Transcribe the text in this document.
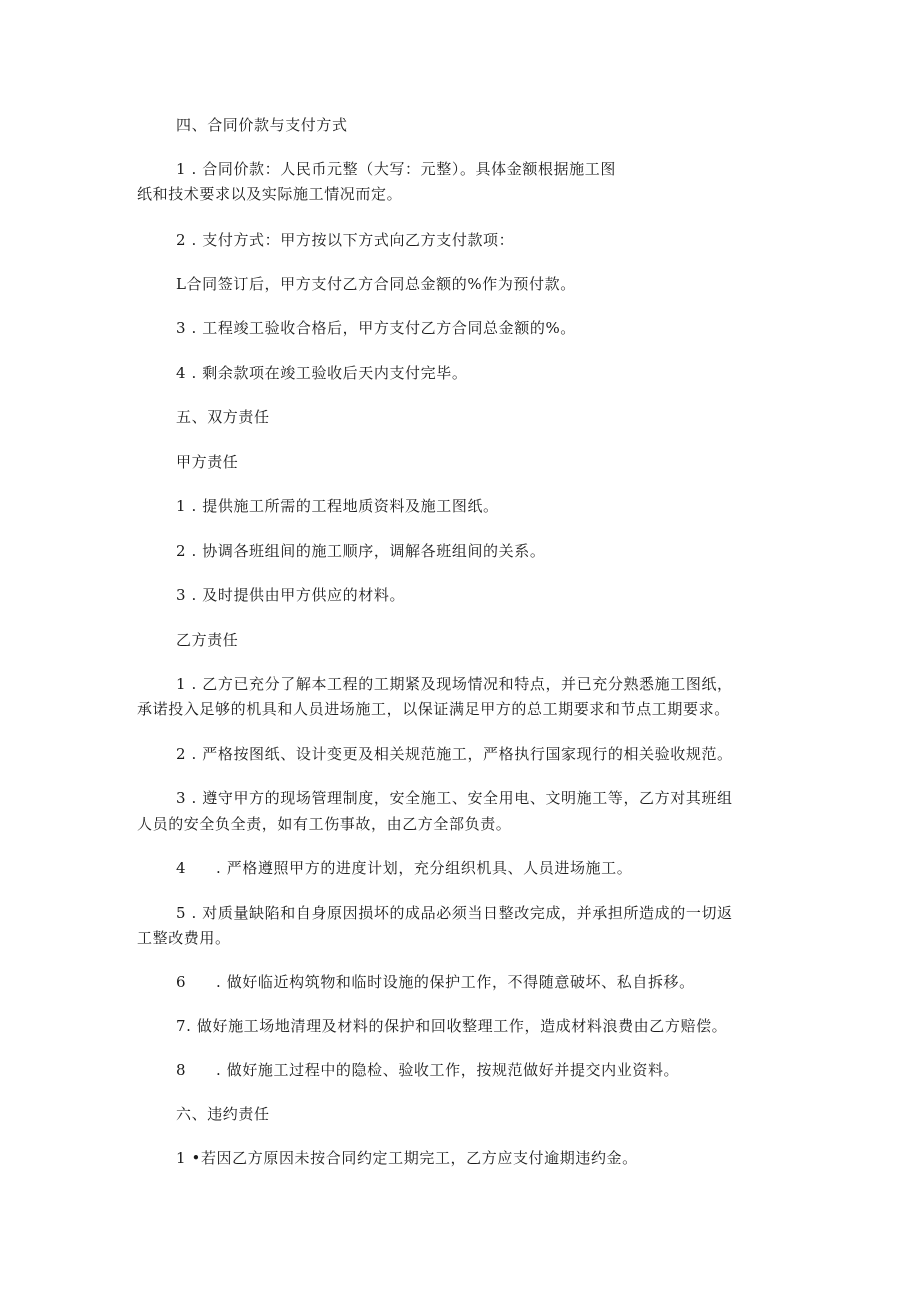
四、合同价款与支付方式
1 . 合同价款：人民币元整（大写：元整）。具体金额根据施工图
纸和技术要求以及实际施工情况而定。
2 . 支付方式：甲方按以下方式向乙方支付款项：
L合同签订后，甲方支付乙方合同总金额的%作为预付款。
3 . 工程竣工验收合格后，甲方支付乙方合同总金额的%。
4 . 剩余款项在竣工验收后天内支付完毕。
五、双方责任
甲方责任
1 . 提供施工所需的工程地质资料及施工图纸。
2 . 协调各班组间的施工顺序，调解各班组间的关系。
3 . 及时提供由甲方供应的材料。
乙方责任
1 . 乙方已充分了解本工程的工期紧及现场情况和特点，并已充分熟悉施工图纸，
承诺投入足够的机具和人员进场施工，以保证满足甲方的总工期要求和节点工期要求。
2 . 严格按图纸、设计变更及相关规范施工，严格执行国家现行的相关验收规范。
3 . 遵守甲方的现场管理制度，安全施工、安全用电、文明施工等，乙方对其班组
人员的安全负全责，如有工伤事故，由乙方全部负责。
4 . 严格遵照甲方的进度计划，充分组织机具、人员进场施工。
5 . 对质量缺陷和自身原因损坏的成品必须当日整改完成，并承担所造成的一切返
工整改费用。
6 . 做好临近构筑物和临时设施的保护工作，不得随意破坏、私自拆移。
7. 做好施工场地清理及材料的保护和回收整理工作，造成材料浪费由乙方赔偿。
8 . 做好施工过程中的隐检、验收工作，按规范做好并提交内业资料。
六、违约责任
1 •若因乙方原因未按合同约定工期完工，乙方应支付逾期违约金。
